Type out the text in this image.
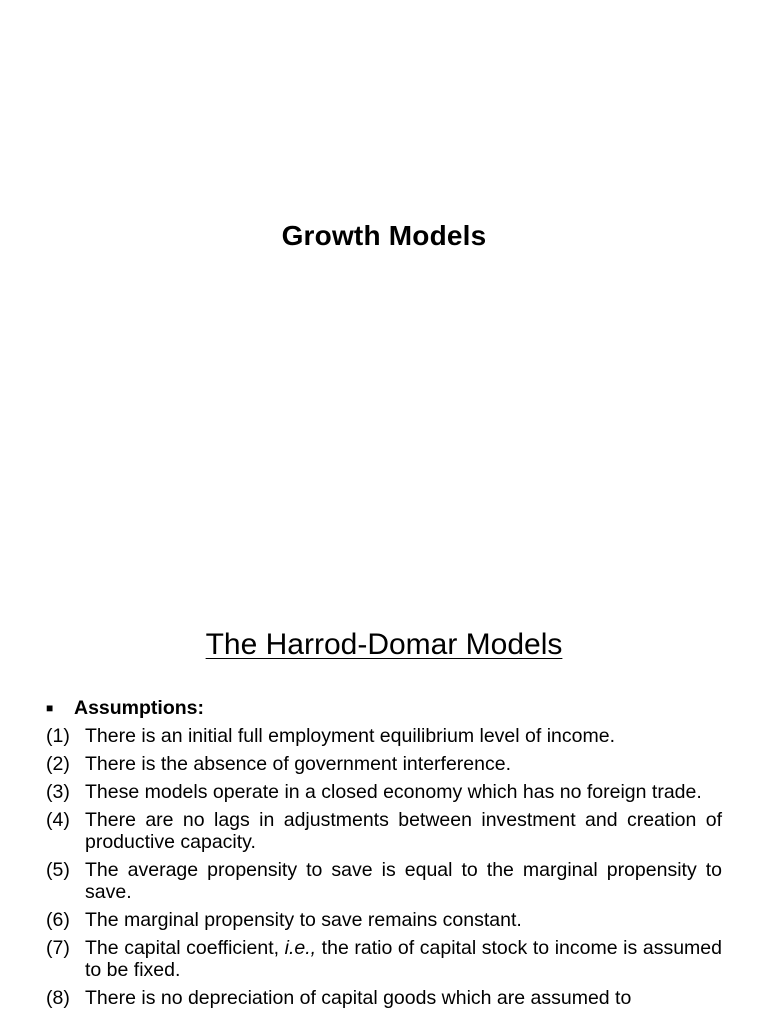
Growth Models
The Harrod-Domar Models
■	Assumptions:
(1) There is an initial full employment equilibrium level of income.
(2) There is the absence of government interference.
(3) These models operate in a closed economy which has no foreign trade.
(4) There are no lags in adjustments between investment and creation of productive capacity.
(5) The average propensity to save is equal to the marginal propensity to save.
(6) The marginal propensity to save remains constant.
(7) The capital coefficient, i.e., the ratio of capital stock to income is assumed to be fixed.
(8) There is no depreciation of capital goods which are assumed to
